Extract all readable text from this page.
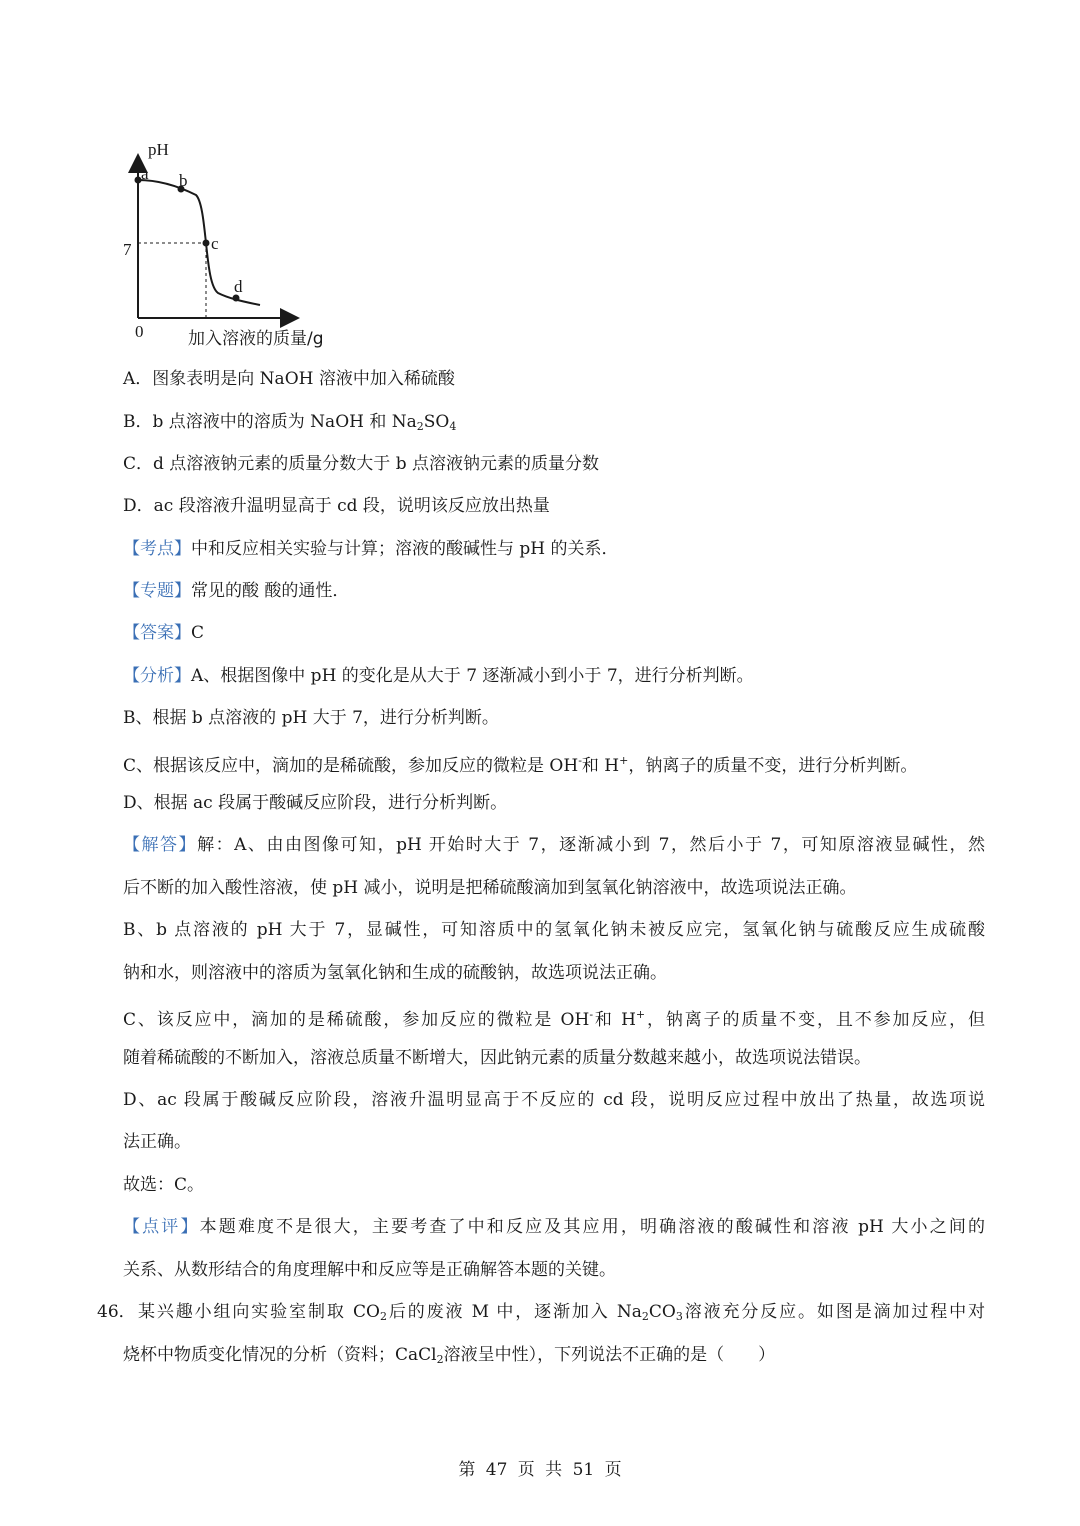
pH
0
7
加入溶液的质量/g
a b
c
d
A．图象表明是向 NaOH 溶液中加入稀硫酸
B．b 点溶液中的溶质为 NaOH 和 $Na_2SO_4$
C．d 点溶液钠元素的质量分数大于 b 点溶液钠元素的质量分数
D．ac 段溶液升温明显高于 cd 段，说明该反应放出热量
【考点】中和反应相关实验与计算；溶液的酸碱性与 pH 的关系．
【专题】常见的酸 酸的通性．
【答案】C
【分析】A、根据图像中 pH 的变化是从大于 7 逐渐减小到小于 7，进行分析判断。
B、根据 b 点溶液的 pH 大于 7，进行分析判断。
C、根据该反应中，滴加的是稀硫酸，参加反应的微粒是 OH-和 H+，钠离子的质量不变，进行分析判断。
D、根据 ac 段属于酸碱反应阶段，进行分析判断。
【解答】解：A、由由图像可知，pH 开始时大于 7，逐渐减小到 7，然后小于 7，可知原溶液显碱性，然
后不断的加入酸性溶液，使 pH 减小，说明是把稀硫酸滴加到氢氧化钠溶液中，故选项说法正确。
B、b 点溶液的 pH 大于 7，显碱性，可知溶质中的氢氧化钠未被反应完，氢氧化钠与硫酸反应生成硫酸
钠和水，则溶液中的溶质为氢氧化钠和生成的硫酸钠，故选项说法正确。
C、该反应中，滴加的是稀硫酸，参加反应的微粒是 OH-和 H+，钠离子的质量不变，且不参加反应，但
随着稀硫酸的不断加入，溶液总质量不断增大，因此钠元素的质量分数越来越小，故选项说法错误。
D、ac 段属于酸碱反应阶段，溶液升温明显高于不反应的 cd 段，说明反应过程中放出了热量，故选项说
法正确。
故选：C。
【点评】本题难度不是很大，主要考查了中和反应及其应用，明确溶液的酸碱性和溶液 pH 大小之间的
关系、从数形结合的角度理解中和反应等是正确解答本题的关键。
46． 某兴趣小组向实验室制取 $CO_2$后的废液 M 中，逐渐加入 $Na_2CO_3$溶液充分反应。如图是滴加过程中对
烧杯中物质变化情况的分析（资料；CaCl$_2$溶液呈中性），下列说法不正确的是（　　）
第 47 页 共 51 页
